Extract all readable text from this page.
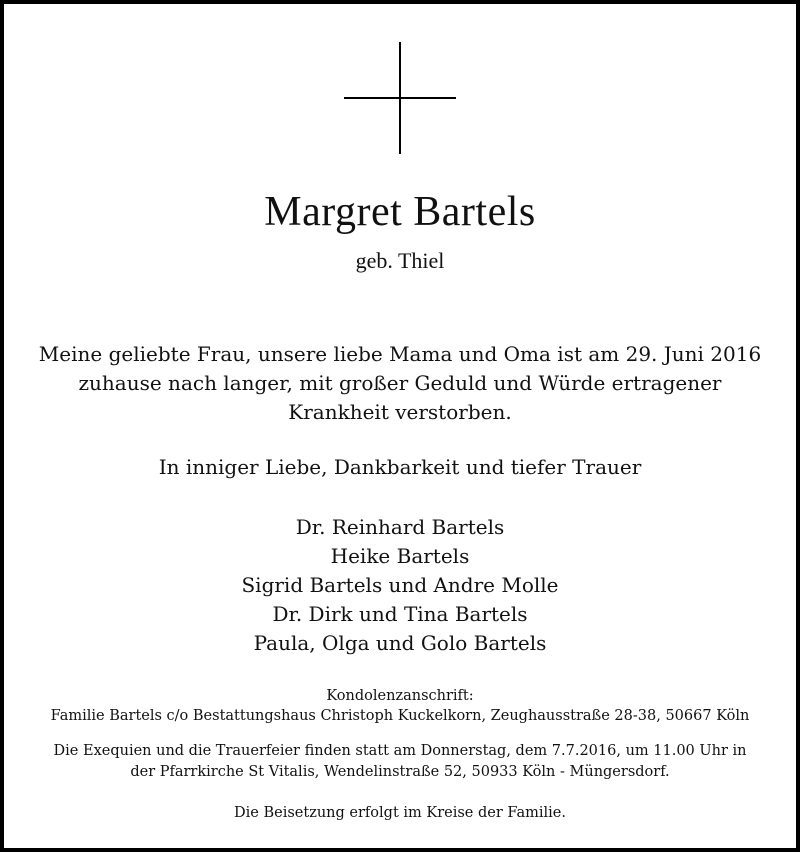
Margret Bartels
geb. Thiel
Meine geliebte Frau, unsere liebe Mama und Oma ist am 29. Juni 2016
zuhause nach langer, mit großer Geduld und Würde ertragener
Krankheit verstorben.
In inniger Liebe, Dankbarkeit und tiefer Trauer
Dr. Reinhard Bartels
Heike Bartels
Sigrid Bartels und Andre Molle
Dr. Dirk und Tina Bartels
Paula, Olga und Golo Bartels
Kondolenzanschrift:
Familie Bartels c/o Bestattungshaus Christoph Kuckelkorn, Zeughausstraße 28-38, 50667 Köln
Die Exequien und die Trauerfeier finden statt am Donnerstag, dem 7.7.2016, um 11.00 Uhr in
der Pfarrkirche St Vitalis, Wendelinstraße 52, 50933 Köln - Müngersdorf.
Die Beisetzung erfolgt im Kreise der Familie.
